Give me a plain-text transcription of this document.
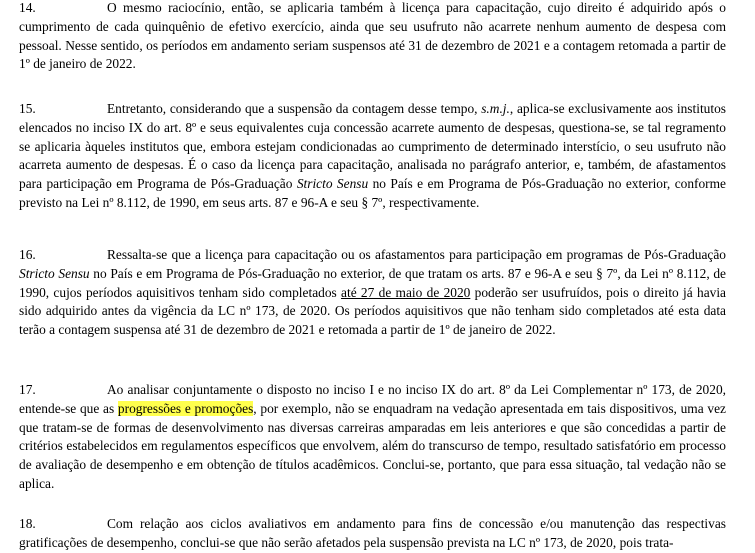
14.	O mesmo raciocínio, então, se aplicaria também à licença para capacitação, cujo direito é adquirido após o cumprimento de cada quinquênio de efetivo exercício, ainda que seu usufruto não acarrete nenhum aumento de despesa com pessoal. Nesse sentido, os períodos em andamento seriam suspensos até 31 de dezembro de 2021 e a contagem retomada a partir de 1º de janeiro de 2022.

15.	Entretanto, considerando que a suspensão da contagem desse tempo, s.m.j., aplica-se exclusivamente aos institutos elencados no inciso IX do art. 8º e seus equivalentes cuja concessão acarrete aumento de despesas, questiona-se, se tal regramento se aplicaria àqueles institutos que, embora estejam condicionadas ao cumprimento de determinado interstício, o seu usufruto não acarreta aumento de despesas. É o caso da licença para capacitação, analisada no parágrafo anterior, e, também, de afastamentos para participação em Programa de Pós-Graduação Stricto Sensu no País e em Programa de Pós-Graduação no exterior, conforme previsto na Lei nº 8.112, de 1990, em seus arts. 87 e 96-A e seu § 7º, respectivamente.

16.	Ressalta-se que a licença para capacitação ou os afastamentos para participação em programas de Pós-Graduação Stricto Sensu no País e em Programa de Pós-Graduação no exterior, de que tratam os arts. 87 e 96-A e seu § 7º, da Lei nº 8.112, de 1990, cujos períodos aquisitivos tenham sido completados até 27 de maio de 2020 poderão ser usufruídos, pois o direito já havia sido adquirido antes da vigência da LC nº 173, de 2020. Os períodos aquisitivos que não tenham sido completados até esta data terão a contagem suspensa até 31 de dezembro de 2021 e retomada a partir de 1º de janeiro de 2022.

17.	Ao analisar conjuntamente o disposto no inciso I e no inciso IX do art. 8º da Lei Complementar nº 173, de 2020, entende-se que as progressões e promoções, por exemplo, não se enquadram na vedação apresentada em tais dispositivos, uma vez que tratam-se de formas de desenvolvimento nas diversas carreiras amparadas em leis anteriores e que são concedidas a partir de critérios estabelecidos em regulamentos específicos que envolvem, além do transcurso de tempo, resultado satisfatório em processo de avaliação de desempenho e em obtenção de títulos acadêmicos. Conclui-se, portanto, que para essa situação, tal vedação não se aplica.

18.	Com relação aos ciclos avaliativos em andamento para fins de concessão e/ou manutenção das respectivas gratificações de desempenho, conclui-se que não serão afetados pela suspensão prevista na LC nº 173, de 2020, pois trata-
